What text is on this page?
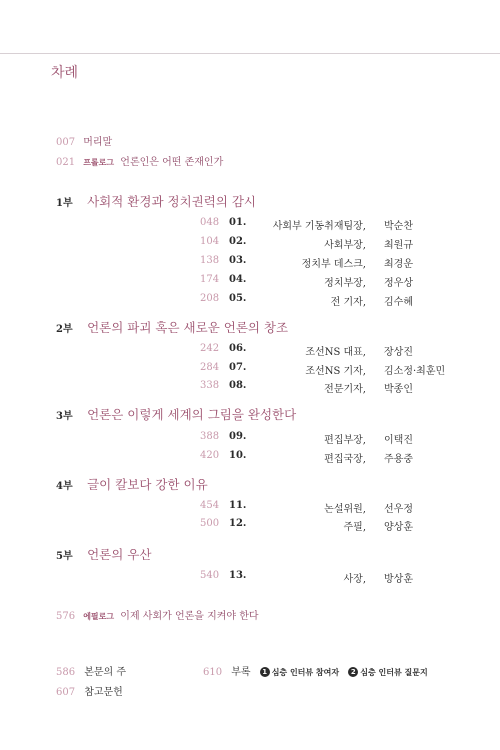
차례
007 머리말
021 프롤로그 언론인은 어떤 존재인가
1부 사회적 환경과 정치권력의 감시
048 01.	사회부 기동취재팀장, 박순찬
104 02.	사회부장, 최원규
138 03.	정치부 데스크, 최경운
174 04.	정치부장, 정우상
208 05.	전 기자, 김수혜
2부 언론의 파괴 혹은 새로운 언론의 창조
242 06.	조선NS 대표, 장상진
284 07.	조선NS 기자, 김소정·최훈민
338 08.	전문기자, 박종인
3부 언론은 이렇게 세계의 그림을 완성한다
388 09.	편집부장, 이택진
420 10.	편집국장, 주용중
4부 글이 칼보다 강한 이유
454 11.	논설위원, 선우정
500 12.	주필, 양상훈
5부 언론의 우산
540 13.	사장, 방상훈
576 에필로그 이제 사회가 언론을 지켜야 한다
586 본문의 주
607 참고문헌
610 부록 1 심층 인터뷰 참여자 2 심층 인터뷰 질문지
